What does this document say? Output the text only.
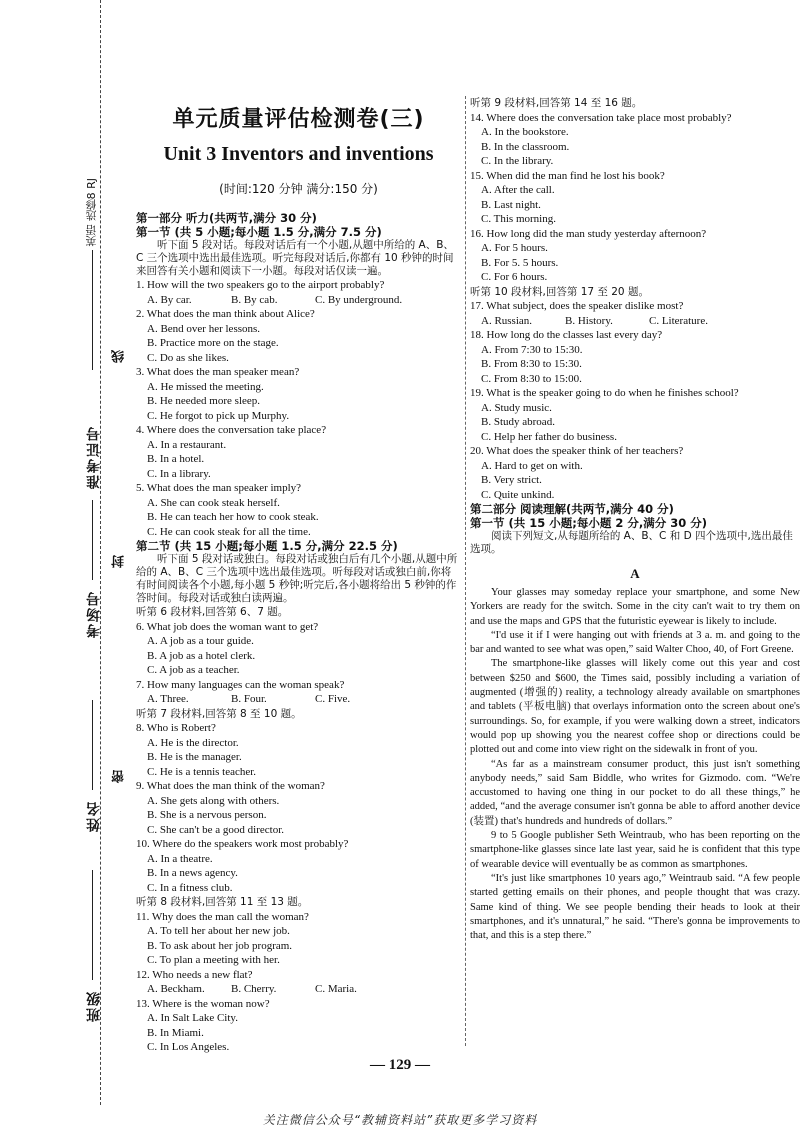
英语 选修8 RJ
准考证号
考场号
姓名
班级
线
封
密
单元质量评估检测卷(三)
Unit 3 Inventors and inventions
(时间:120 分钟 满分:150 分)
第一部分 听力(共两节,满分 30 分)
第一节 (共 5 小题;每小题 1.5 分,满分 7.5 分)
听下面 5 段对话。每段对话后有一个小题,从题中所给的 A、B、C 三个选项中选出最佳选项。听完每段对话后,你都有 10 秒钟的时间来回答有关小题和阅读下一小题。每段对话仅读一遍。
1. How will the two speakers go to the airport probably?
A. By car.	B. By cab.	C. By underground.
2. What does the man think about Alice?
A. Bend over her lessons.
B. Practice more on the stage.
C. Do as she likes.
3. What does the man speaker mean?
A. He missed the meeting.
B. He needed more sleep.
C. He forgot to pick up Murphy.
4. Where does the conversation take place?
A. In a restaurant.
B. In a hotel.
C. In a library.
5. What does the man speaker imply?
A. She can cook steak herself.
B. He can teach her how to cook steak.
C. He can cook steak for all the time.
第二节 (共 15 小题;每小题 1.5 分,满分 22.5 分)
听下面 5 段对话或独白。每段对话或独白后有几个小题,从题中所给的 A、B、C 三个选项中选出最佳选项。听每段对话或独白前,你将有时间阅读各个小题,每小题 5 秒钟;听完后,各小题将给出 5 秒钟的作答时间。每段对话或独白读两遍。
听第 6 段材料,回答第 6、7 题。
6. What job does the woman want to get?
A. A job as a tour guide.
B. A job as a hotel clerk.
C. A job as a teacher.
7. How many languages can the woman speak?
A. Three.	B. Four.	C. Five.
听第 7 段材料,回答第 8 至 10 题。
8. Who is Robert?
A. He is the director.
B. He is the manager.
C. He is a tennis teacher.
9. What does the man think of the woman?
A. She gets along with others.
B. She is a nervous person.
C. She can't be a good director.
10. Where do the speakers work most probably?
A. In a theatre.
B. In a news agency.
C. In a fitness club.
听第 8 段材料,回答第 11 至 13 题。
11. Why does the man call the woman?
A. To tell her about her new job.
B. To ask about her job program.
C. To plan a meeting with her.
12. Who needs a new flat?
A. Beckham.	B. Cherry.	C. Maria.
13. Where is the woman now?
A. In Salt Lake City.
B. In Miami.
C. In Los Angeles.
听第 9 段材料,回答第 14 至 16 题。
14. Where does the conversation take place most probably?
A. In the bookstore.
B. In the classroom.
C. In the library.
15. When did the man find he lost his book?
A. After the call.
B. Last night.
C. This morning.
16. How long did the man study yesterday afternoon?
A. For 5 hours.
B. For 5. 5 hours.
C. For 6 hours.
听第 10 段材料,回答第 17 至 20 题。
17. What subject, does the speaker dislike most?
A. Russian.	B. History.	C. Literature.
18. How long do the classes last every day?
A. From 7:30 to 15:30.
B. From 8:30 to 15:30.
C. From 8:30 to 15:00.
19. What is the speaker going to do when he finishes school?
A. Study music.
B. Study abroad.
C. Help her father do business.
20. What does the speaker think of her teachers?
A. Hard to get on with.
B. Very strict.
C. Quite unkind.
第二部分 阅读理解(共两节,满分 40 分)
第一节 (共 15 小题;每小题 2 分,满分 30 分)
阅读下列短文,从每题所给的 A、B、C 和 D 四个选项中,选出最佳选项。
A

Your glasses may someday replace your smartphone, and some New Yorkers are ready for the switch. Some in the city can't wait to try them on and use the maps and GPS that the futuristic eyewear is likely to include.

“I'd use it if I were hanging out with friends at 3 a. m. and going to the bar and wanted to see what was open,” said Walter Choo, 40, of Fort Greene.

The smartphone-like glasses will likely come out this year and cost between $250 and $600, the Times said, possibly including a variation of augmented (增强的) reality, a technology already available on smartphones and tablets (平板电脑) that overlays information onto the screen about one's surroundings. So, for example, if you were walking down a street, indicators would pop up showing you the nearest coffee shop or directions could be plotted out and come into view right on the sidewalk in front of you.

“As far as a mainstream consumer product, this just isn't something anybody needs,” said Sam Biddle, who writes for Gizmodo. com. “We're accustomed to having one thing in our pocket to do all these things,” he added, “and the average consumer isn't gonna be able to afford another device (装置) that's hundreds and hundreds of dollars.”

9 to 5 Google publisher Seth Weintraub, who has been reporting on the smartphone-like glasses since late last year, said he is confident that this type of wearable device will eventually be as common as smartphones.

“It's just like smartphones 10 years ago,” Weintraub said. “A few people started getting emails on their phones, and people thought that was crazy. Same kind of thing. We see people bending their heads to look at their smartphones, and it's unnatural,” he said. “There's gonna be improvements to that, and this is a step there.”

— 129 —
关注微信公众号“教辅资料站”获取更多学习资料
